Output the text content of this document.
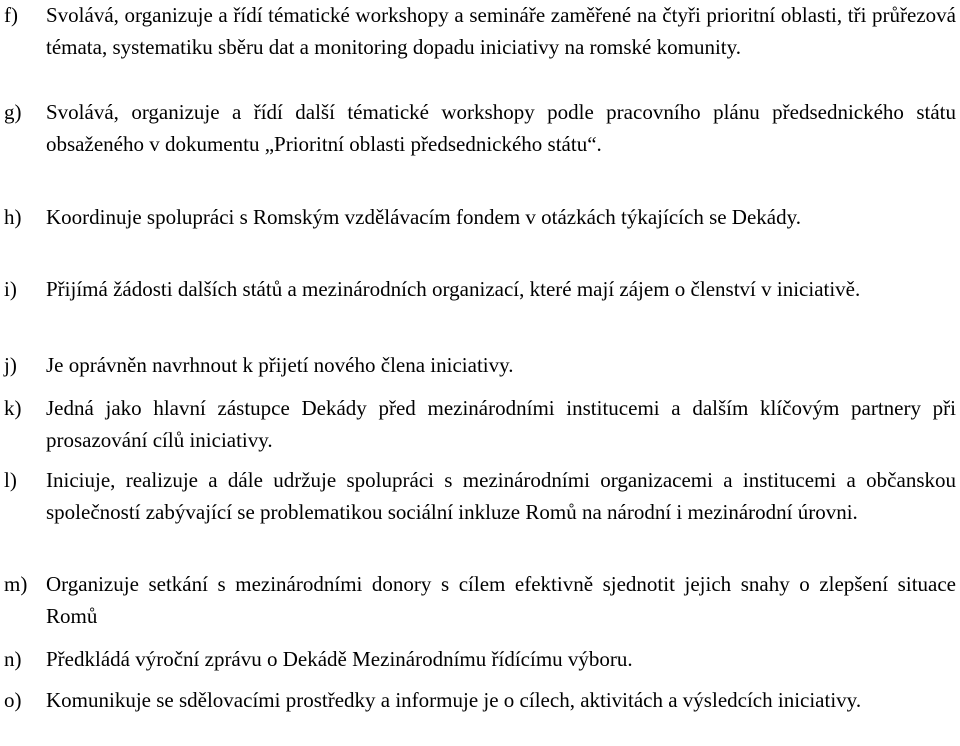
f)	Svolává, organizuje a řídí tématické workshopy a semináře zaměřené na čtyři prioritní oblasti, tři průřezová témata, systematiku sběru dat a monitoring dopadu iniciativy na romské komunity.
g)	Svolává, organizuje a řídí další tématické workshopy podle pracovního plánu předsednického státu obsaženého v dokumentu „Prioritní oblasti předsednického státu“.
h)	Koordinuje spolupráci s Romským vzdělávacím fondem v otázkách týkajících se Dekády.
i)	Přijímá žádosti dalších států a mezinárodních organizací, které mají zájem o členství v iniciativě.
j)	Je oprávněn navrhnout k přijetí nového člena iniciativy.
k)	Jedná jako hlavní zástupce Dekády před mezinárodními institucemi a dalším klíčovým partnery při prosazování cílů iniciativy.
l)	Iniciuje, realizuje a dále udržuje spolupráci s mezinárodními organizacemi a institucemi a občanskou společností zabývající se problematikou sociální inkluze Romů na národní i mezinárodní úrovni.
m) Organizuje setkání s mezinárodními donory s cílem efektivně sjednotit jejich snahy o zlepšení situace Romů
n)	Předkládá výroční zprávu o Dekádě Mezinárodnímu řídícímu výboru.
o)	Komunikuje se sdělovacími prostředky a informuje je o cílech, aktivitách a výsledcích iniciativy.
